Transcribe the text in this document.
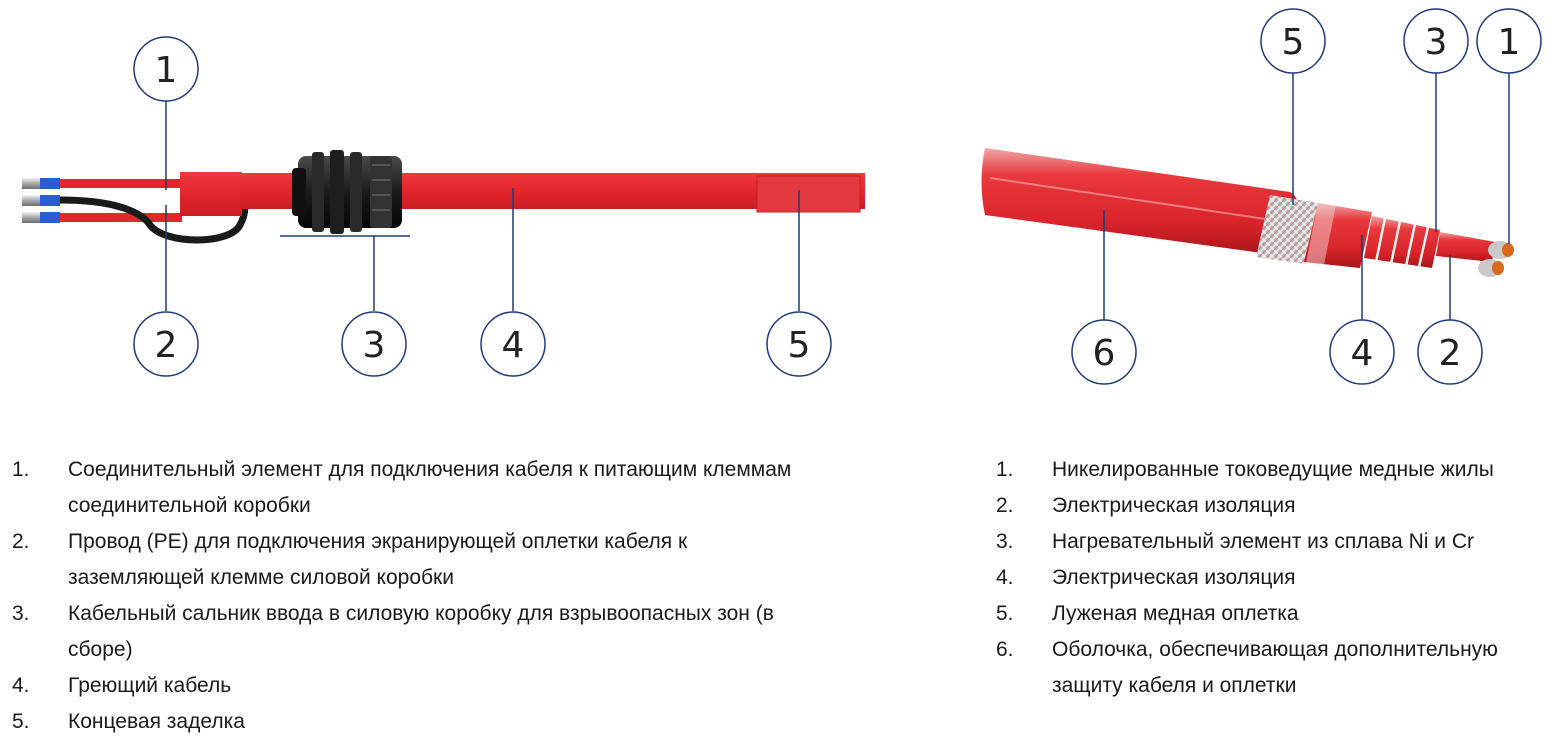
1
2	3	4	5
5	3 1
6	4 2
1.	Соединительный элемент для подключения кабеля к питающим клеммам соединительной коробки
2.	Провод (PE) для подключения экранирующей оплетки кабеля к заземляющей клемме силовой коробки
3.	Кабельный сальник ввода в силовую коробку для взрывоопасных зон (в сборе)
4.	Греющий кабель
5.	Концевая заделка
1.	Никелированные токоведущие медные жилы
2.	Электрическая изоляция
3.	Нагревательный элемент из сплава Ni и Cr
4.	Электрическая изоляция
5.	Луженая медная оплетка
6.	Оболочка, обеспечивающая дополнительную защиту кабеля и оплетки
